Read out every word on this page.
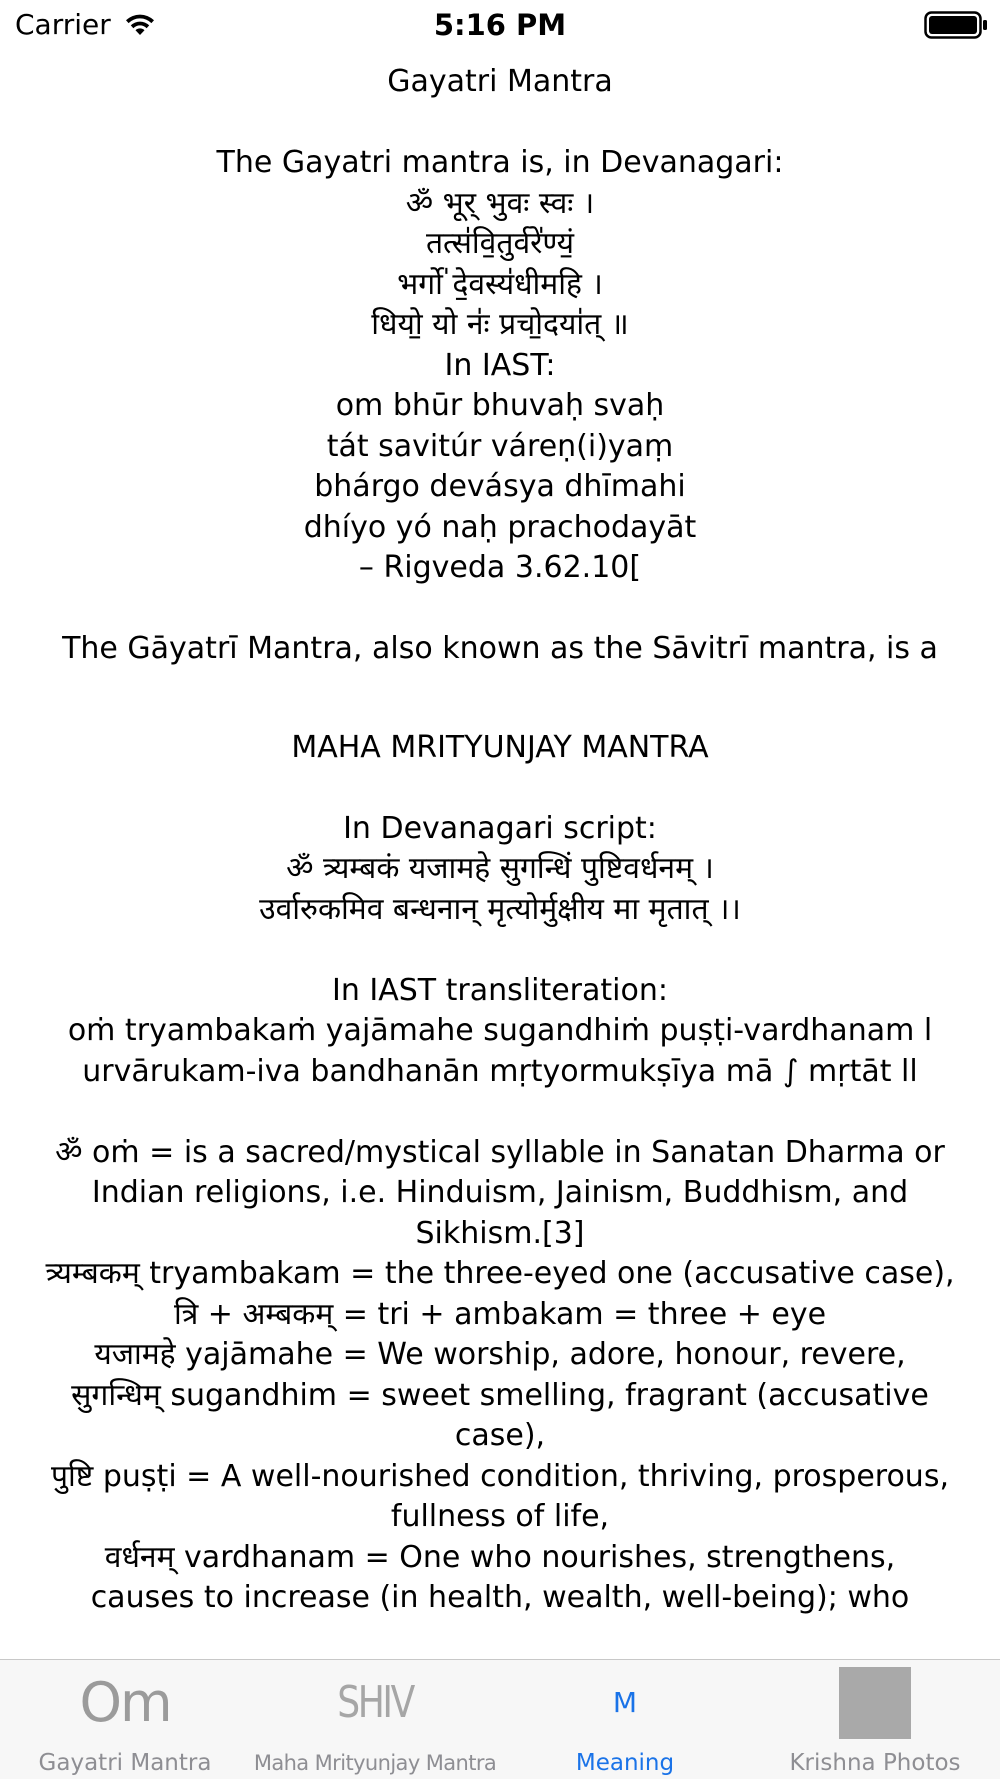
Carrier	5:16 PM
Gayatri Mantra
The Gayatri mantra is, in Devanagari:
ॐ भूर् भुवः स्वः ।
तत्स॑वि॒तुर्वरे॑ण्यं॒
भर्गो॑ दे॒वस्य॑धीमहि ।
धियो॒ यो नः॑ प्रचो॒दया॑त् ॥
In IAST:
om bhūr bhuvaḥ svaḥ
tát savitúr váreṇ(i)yaṃ
bhárgo devásya dhīmahi
dhíyo yó naḥ prachodayāt
– Rigveda 3.62.10[
The Gāyatrī Mantra, also known as the Sāvitrī mantra, is a
MAHA MRITYUNJAY MANTRA
In Devanagari script:
ॐ त्र्यम्बकं यजामहे सुगन्धिं पुष्टिवर्धनम् ।
उर्वारुकमिव बन्धनान् मृत्योर्मुक्षीय मा मृतात् ।।
In IAST transliteration:
oṁ tryambakaṁ yajāmahe sugandhiṁ puṣṭi-vardhanam l
urvārukam-iva bandhanān mṛtyormukṣīya mā ∫ mṛtāt ll
ॐ oṁ = is a sacred/mystical syllable in Sanatan Dharma or Indian religions, i.e. Hinduism, Jainism, Buddhism, and Sikhism.[3]
त्र्यम्बकम् tryambakam = the three-eyed one (accusative case),
त्रि + अम्बकम् = tri + ambakam = three + eye
यजामहे yajāmahe = We worship, adore, honour, revere,
सुगन्धिम् sugandhim = sweet smelling, fragrant (accusative case),
पुष्टि puṣṭi = A well-nourished condition, thriving, prosperous, fullness of life,
वर्धनम् vardhanam = One who nourishes, strengthens,
causes to increase (in health, wealth, well-being); who
Om
Gayatri Mantra
SHIV
Maha Mrityunjay Mantra
M
Meaning	Krishna Photos
